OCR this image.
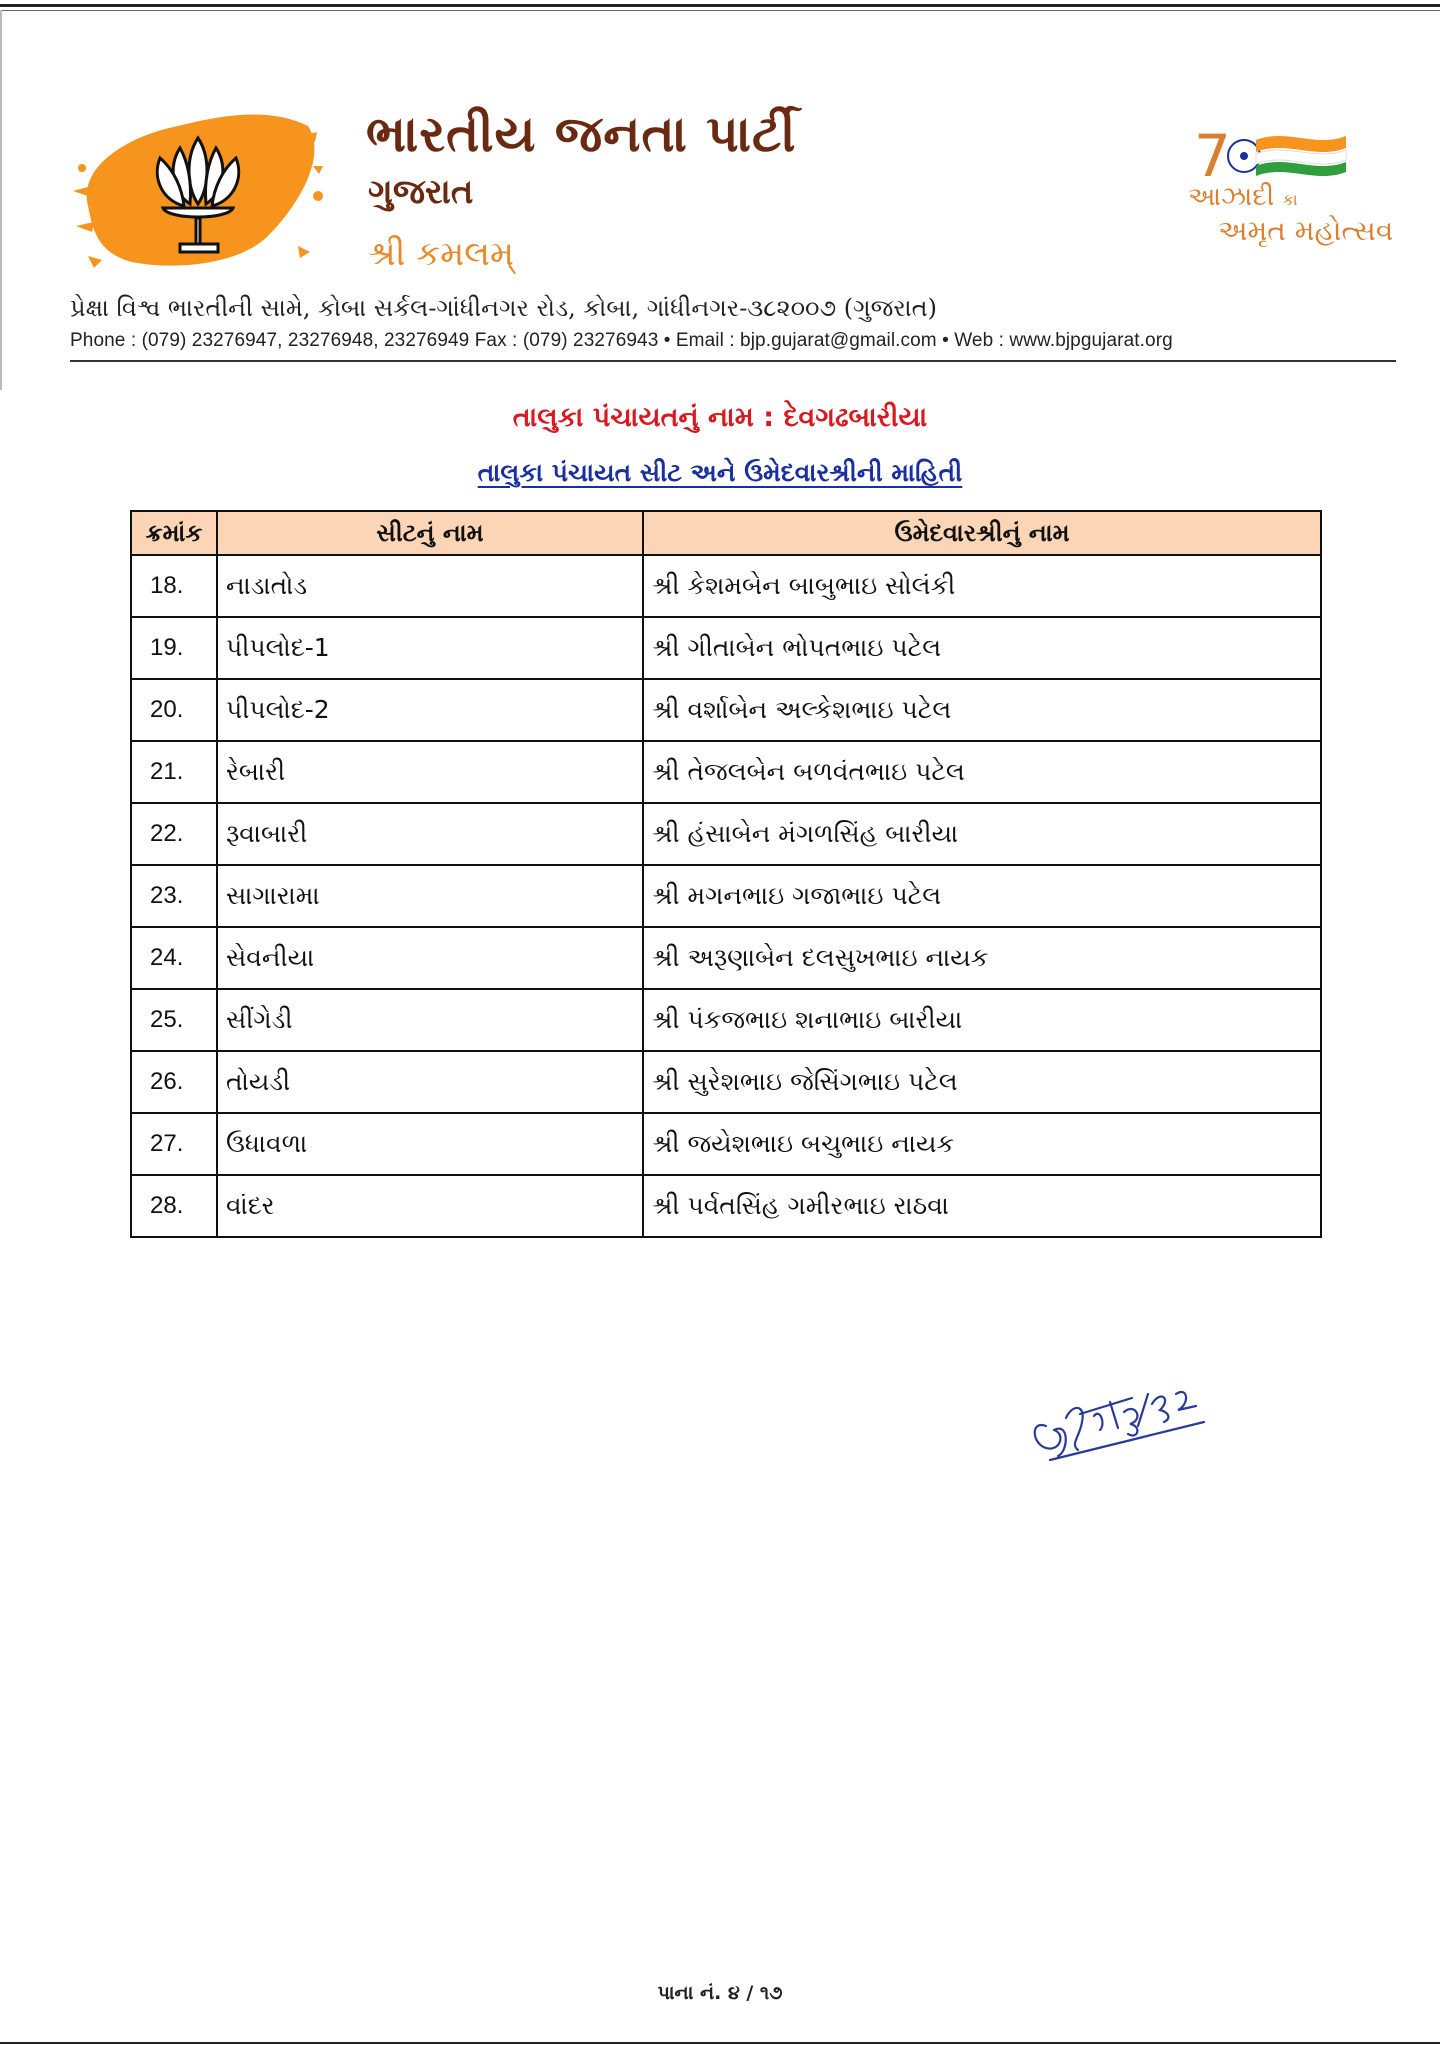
ભારતીય જનતા પાર્ટી
ગુજરાત
શ્રી કમલમ્
7
આઝાદી કા
અમૃત મહોત્સવ
પ્રેક્ષા વિશ્વ ભારતીની સામે, કોબા સર્કલ-ગાંધીનગર રોડ, કોબા, ગાંધીનગર-૩૮૨૦૦૭ (ગુજરાત)
Phone : (079) 23276947, 23276948, 23276949 Fax : (079) 23276943 • Email : bjp.gujarat@gmail.com • Web : www.bjpgujarat.org
તાલુકા પંચાયતનું નામ : દેવગઢબારીયા
તાલુકા પંચાયત સીટ અને ઉમેદવારશ્રીની માહિતી
ક્રમાંક	સીટનું નામ	ઉમેદવારશ્રીનું નામ
18.	નાડાતોડ	શ્રી કેશમબેન બાબુભાઇ સોલંકી
19.	પીપલોદ-1	શ્રી ગીતાબેન ભોપતભાઇ પટેલ
20.	પીપલોદ-2	શ્રી વર્શાબેન અલ્કેશભાઇ પટેલ
21.	રેબારી	શ્રી તેજલબેન બળવંતભાઇ પટેલ
22.	રૂવાબારી	શ્રી હંસાબેન મંગળસિંહ બારીયા
23.	સાગારામા	શ્રી મગનભાઇ ગજાભાઇ પટેલ
24.	સેવનીયા	શ્રી અરૂણાબેન દલસુખભાઇ નાયક
25.	સીંગેડી	શ્રી પંકજભાઇ શનાભાઇ બારીયા
26.	તોયડી	શ્રી સુરેશભાઇ જેસિંગભાઇ પટેલ
27.	ઉધાવળા	શ્રી જયેશભાઇ બચુભાઇ નાયક
28.	વાંદર	શ્રી પર્વતસિંહ ગમીરભાઇ રાઠવા
પાના નં. ૪ / ૧૭
